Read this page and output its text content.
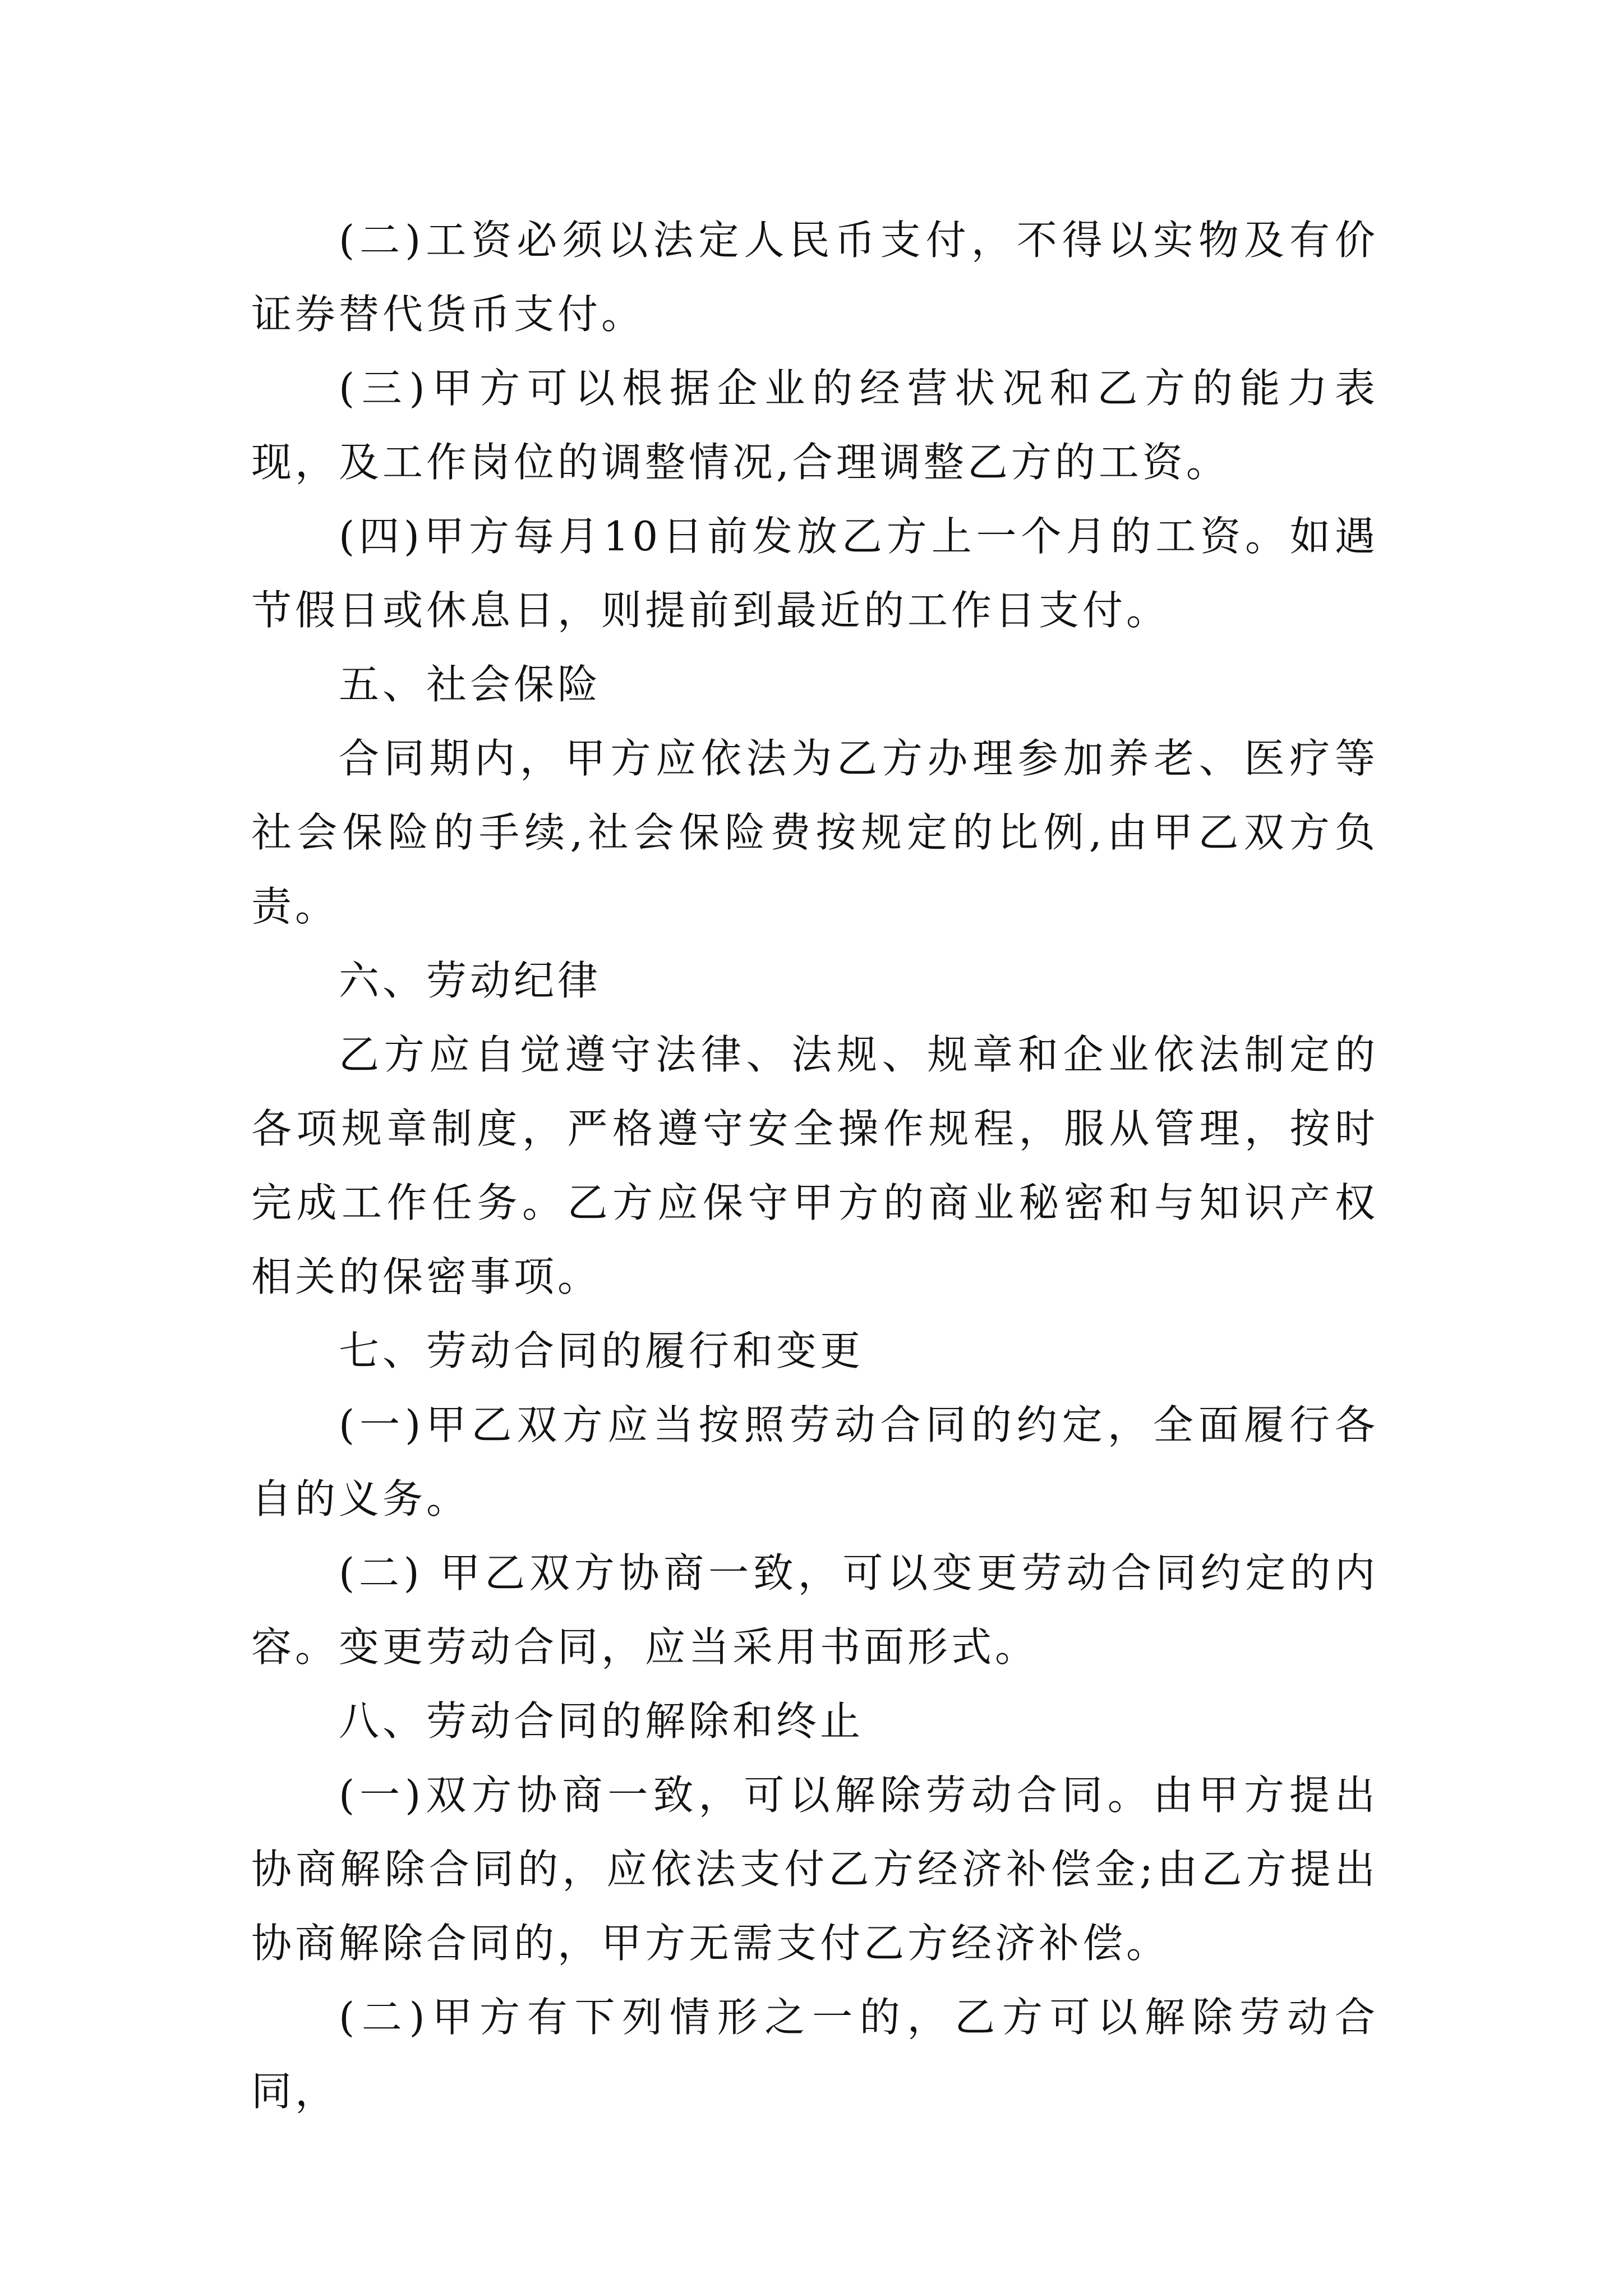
(二)工资必须以法定人民币支付，不得以实物及有价证券替代货币支付。

(三)甲方可以根据企业的经营状况和乙方的能力表现，及工作岗位的调整情况,合理调整乙方的工资。

(四)甲方每月10日前发放乙方上一个月的工资。如遇节假日或休息日，则提前到最近的工作日支付。

五、社会保险

合同期内，甲方应依法为乙方办理参加养老、医疗等社会保险的手续,社会保险费按规定的比例,由甲乙双方负责。

六、劳动纪律

乙方应自觉遵守法律、法规、规章和企业依法制定的各项规章制度，严格遵守安全操作规程，服从管理，按时完成工作任务。乙方应保守甲方的商业秘密和与知识产权相关的保密事项。

七、劳动合同的履行和变更

(一)甲乙双方应当按照劳动合同的约定，全面履行各自的义务。

(二) 甲乙双方协商一致，可以变更劳动合同约定的内容。变更劳动合同，应当采用书面形式。

八、劳动合同的解除和终止

(一)双方协商一致，可以解除劳动合同。由甲方提出协商解除合同的，应依法支付乙方经济补偿金;由乙方提出协商解除合同的，甲方无需支付乙方经济补偿。

(二)甲方有下列情形之一的，乙方可以解除劳动合同，
